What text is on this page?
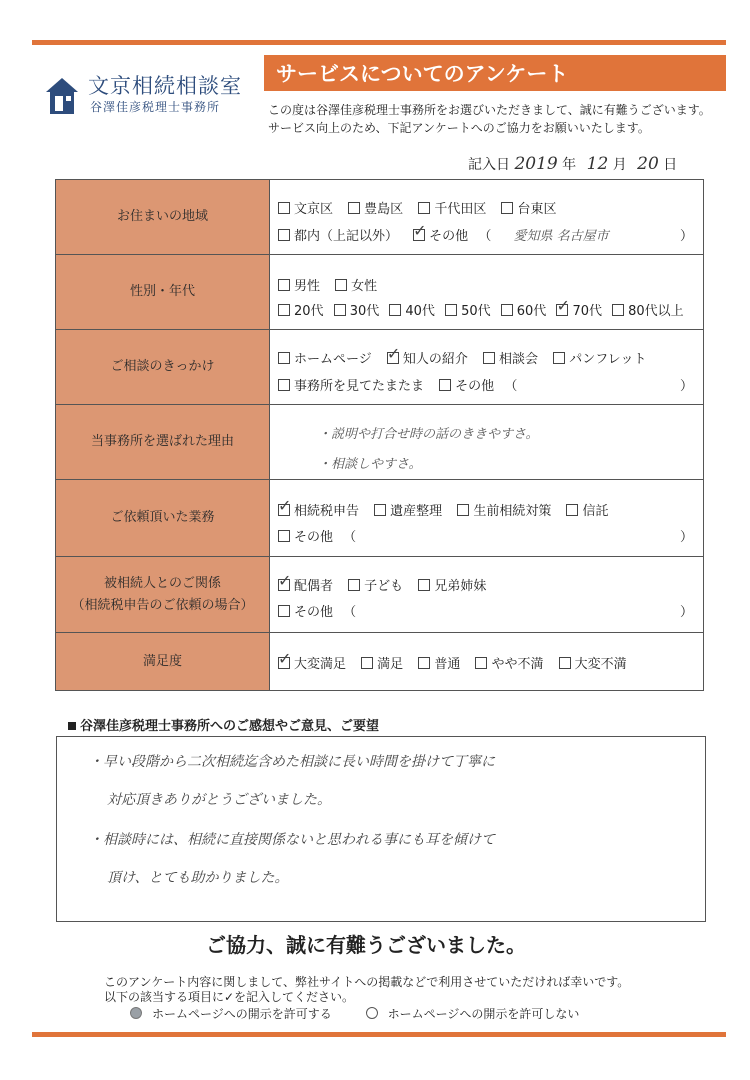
文京相続相談室
谷澤佳彦税理士事務所
サービスについてのアンケート
この度は谷澤佳彦税理士事務所をお選びいただきまして、誠に有難うございます。
サービス向上のため、下記アンケートへのご協力をお願いいたします。
記入日 2019 年 12 月 20 日
お住まいの地域	文京区 豊島区 千代田区 台東区
都内（上記以外） ✓ その他 （ 愛知県 名古屋市	）
性別・年代	男性 女性
20代 30代 40代 50代 60代 ✓ 70代 80代以上
ご相談のきっかけ	ホームページ ✓ 知人の紹介 相談会 パンフレット
事務所を見てたまたま その他 （	）
当事務所を選ばれた理由	・説明や打合せ時の話のききやすさ。
・相談しやすさ。
ご依頼頂いた業務 ✓	相続税申告 遺産整理 生前相続対策 信託
その他 （	）
被相続人とのご関係
（相続税申告のご依頼の場合）
✓配偶者 子ども 兄弟姉妹
その他 （	）
満足度 ✓	大変満足 満足 普通 やや不満 大変不満
谷澤佳彦税理士事務所へのご感想やご意見、ご要望
・早い段階から二次相続迄含めた相談に長い時間を掛けて丁寧に
対応頂きありがとうございました。
・相談時には、相続に直接関係ないと思われる事にも耳を傾けて
頂け、とても助かりました。
ご協力、誠に有難うございました。
このアンケート内容に関しまして、弊社サイトへの掲載などで利用させていただければ幸いです。
以下の該当する項目に✓を記入してください。
ホームページへの開示を許可する	ホームページへの開示を許可しない
